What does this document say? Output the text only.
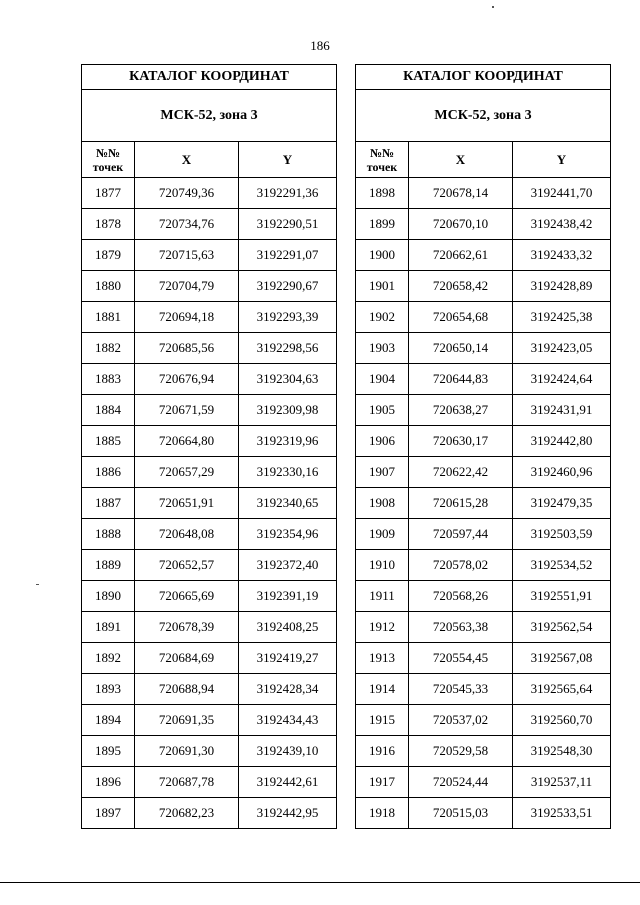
186
КАТАЛОГ КООРДИНАТ		
МСК-52, зона 3		
№№
точек	X	Y
1877	720749,36	3192291,36
1878	720734,76	3192290,51
1879	720715,63	3192291,07
1880	720704,79	3192290,67
1881	720694,18	3192293,39
1882	720685,56	3192298,56
1883	720676,94	3192304,63
1884	720671,59	3192309,98
1885	720664,80	3192319,96
1886	720657,29	3192330,16
1887	720651,91	3192340,65
1888	720648,08	3192354,96
1889	720652,57	3192372,40
1890	720665,69	3192391,19
1891	720678,39	3192408,25
1892	720684,69	3192419,27
1893	720688,94	3192428,34
1894	720691,35	3192434,43
1895	720691,30	3192439,10
1896	720687,78	3192442,61
1897	720682,23	3192442,95
КАТАЛОГ КООРДИНАТ		
МСК-52, зона 3		
№№
точек	X	Y
1898	720678,14	3192441,70
1899	720670,10	3192438,42
1900	720662,61	3192433,32
1901	720658,42	3192428,89
1902	720654,68	3192425,38
1903	720650,14	3192423,05
1904	720644,83	3192424,64
1905	720638,27	3192431,91
1906	720630,17	3192442,80
1907	720622,42	3192460,96
1908	720615,28	3192479,35
1909	720597,44	3192503,59
1910	720578,02	3192534,52
1911	720568,26	3192551,91
1912	720563,38	3192562,54
1913	720554,45	3192567,08
1914	720545,33	3192565,64
1915	720537,02	3192560,70
1916	720529,58	3192548,30
1917	720524,44	3192537,11
1918	720515,03	3192533,51
